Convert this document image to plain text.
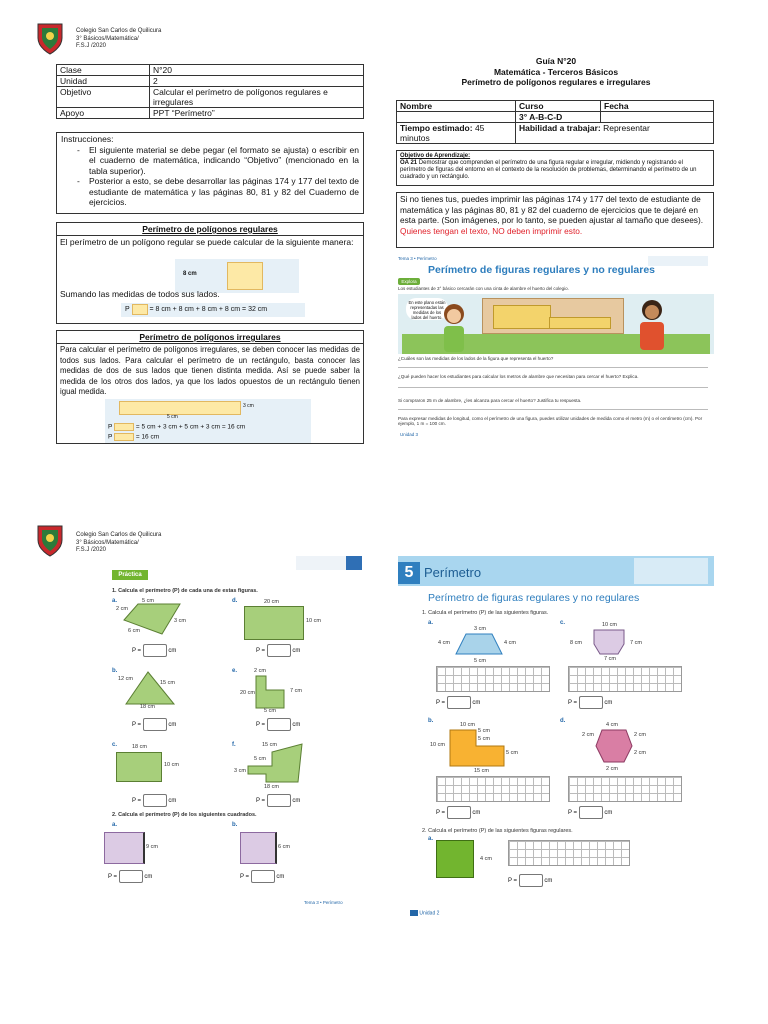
Colegio San Carlos de Quilicura
3° Básicos/Matemática/
F.S.J /2020
Clase	N°20
Unidad	2
Objetivo	Calcular el perímetro de polígonos regulares e irregulares
Apoyo	PPT “Perímetro”
Guía N°20
Matemática - Terceros Básicos
Perímetro de polígonos regulares e irregulares
Nombre	Curso	Fecha
	3° A-B-C-D	
Tiempo estimado: 45 minutos	Habilidad a trabajar: Representar	
Objetivo de Aprendizaje:
OA 21 Demostrar que comprenden el perímetro de una figura regular e irregular, midiendo y registrando el perímetro de figuras del entorno en el contexto de la resolución de problemas, determinando el perímetro de un cuadrado y un rectángulo.
Instrucciones:
-	El siguiente material se debe pegar (el formato se ajusta) o escribir en el cuaderno de matemática, indicando “Objetivo” (mencionado en la tabla superior).
-	Posterior a esto, se debe desarrollar las páginas 174 y 177 del texto de estudiante de matemática y las páginas 80, 81 y 82 del Cuaderno de ejercicios.	Si no tienes tus, puedes imprimir las páginas 174 y 177 del texto de estudiante de matemática y las páginas 80, 81 y 82 del cuaderno de ejercicios que te dejaré en esta parte. (Son imágenes, por lo tanto, se pueden ajustar al tamaño que desees).
Quienes tengan el texto, NO deben imprimir esto.
Perímetro de polígonos regulares
El perímetro de un polígono regular se puede calcular de la siguiente manera:
8 cm
Sumando las medidas de todos sus lados.
P	= 8 cm + 8 cm + 8 cm + 8 cm = 32 cm
Perímetro de polígonos irregulares
Para calcular el perímetro de polígonos irregulares, se deben conocer las medidas de todos sus lados. Para calcular el perímetro de un rectángulo, basta conocer las medidas de dos de sus lados que tienen distinta medida. Así se puede saber la medida de los otros dos lados, ya que los lados opuestos de un rectángulo tienen igual medida.
5 cm
3 cm
P	= 5 cm + 3 cm + 5 cm + 3 cm = 16 cm
P	= 16 cm
Tema 3 • Perímetro
Perímetro de figuras regulares y no regulares
Explora
Los estudiantes de 3° básico cercarán con una cinta de alambre el huerto del colegio.
En este plano están representadas las medidas de los lados del huerto.
¿Cuáles son las medidas de los lados de la figura que representa el huerto?
¿Qué pueden hacer los estudiantes para calcular los metros de alambre que necesitan para cercar el huerto? Explica.
Si compraron 25 m de alambre, ¿les alcanza para cercar el huerto? Justifica tu respuesta.
Para expresar medidas de longitud, como el perímetro de una figura, puedes utilizar unidades de medida como el metro (m) o el centímetro (cm). Por ejemplo, 1 m = 100 cm.
Unidad 3
Colegio San Carlos de Quilicura
3° Básicos/Matemática/
F.S.J /2020
Práctica
1. Calcula el perímetro (P) de cada una de estas figuras.
a.	5 cm
2 cm
3 cm
6 cm
P =	cm
d.	20 cm
10 cm
P =	cm
b.
12 cm
15 cm
18 cm
P =	cm
e.	2 cm
7 cm
20 cm
5 cm
P =	cm
c.	18 cm
10 cm
P =	cm
f.	15 cm
5 cm
3 cm
18 cm
P =	cm
2. Calcula el perímetro (P) de los siguientes cuadrados.
a.
9 cm
P =	cm
b.
6 cm
P =	cm
Tema 3 • Perímetro
5 Perímetro
Perímetro de figuras regulares y no regulares
1. Calcula el perímetro (P) de las siguientes figuras.
a.
3 cm
4 cm	4 cm
5 cm
P =	cm
c.	10 cm
8 cm	7 cm
7 cm
P =	cm
b.
10 cm
5 cm
5 cm
10 cm
5 cm
15 cm
P =	cm
d.
4 cm
2 cm	2 cm
2 cm
2 cm
P =	cm
2. Calcula el perímetro (P) de las siguientes figuras regulares.
a.
4 cm
P =	cm
Unidad 2
